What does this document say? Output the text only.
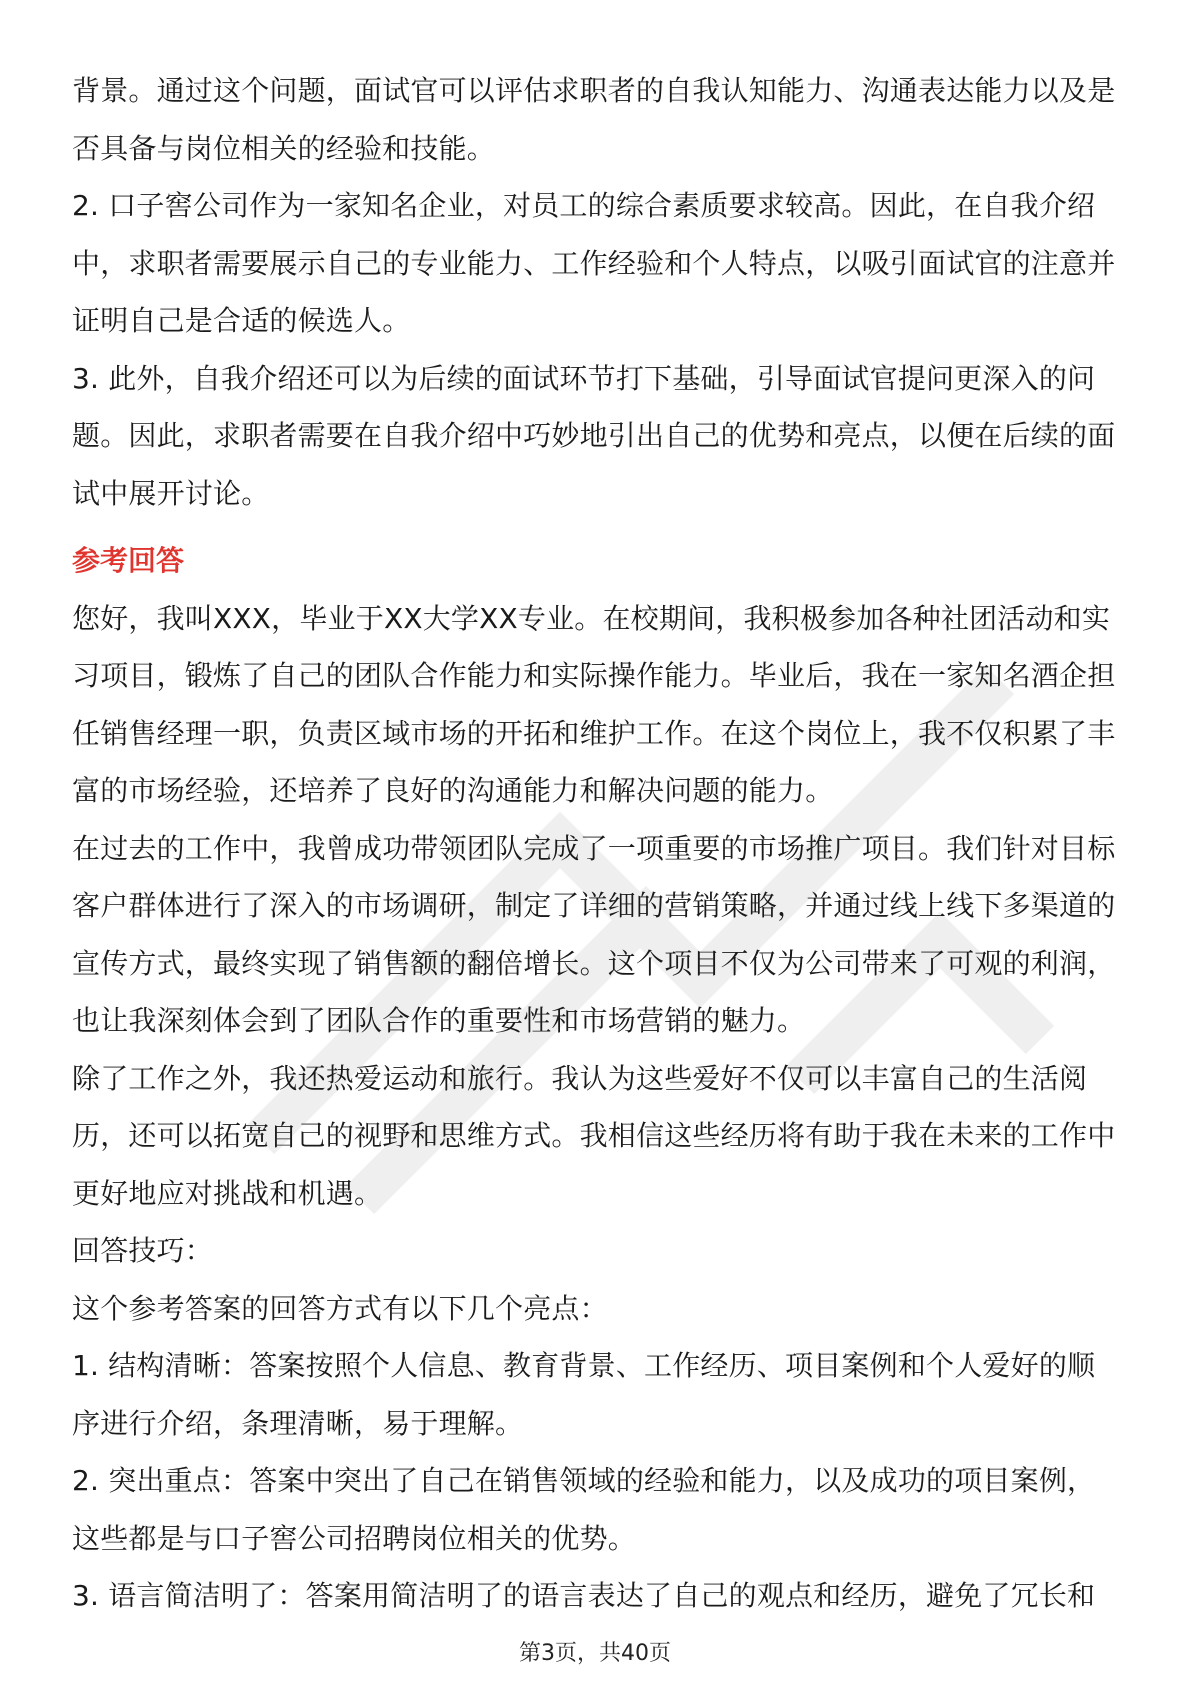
背景。通过这个问题，面试官可以评估求职者的自我认知能力、沟通表达能力以及是否具备与岗位相关的经验和技能。

2. 口子窖公司作为一家知名企业，对员工的综合素质要求较高。因此，在自我介绍中，求职者需要展示自己的专业能力、工作经验和个人特点，以吸引面试官的注意并证明自己是合适的候选人。

3. 此外，自我介绍还可以为后续的面试环节打下基础，引导面试官提问更深入的问题。因此，求职者需要在自我介绍中巧妙地引出自己的优势和亮点，以便在后续的面试中展开讨论。

参考回答

您好，我叫XXX，毕业于XX大学XX专业。在校期间，我积极参加各种社团活动和实习项目，锻炼了自己的团队合作能力和实际操作能力。毕业后，我在一家知名酒企担任销售经理一职，负责区域市场的开拓和维护工作。在这个岗位上，我不仅积累了丰富的市场经验，还培养了良好的沟通能力和解决问题的能力。

在过去的工作中，我曾成功带领团队完成了一项重要的市场推广项目。我们针对目标客户群体进行了深入的市场调研，制定了详细的营销策略，并通过线上线下多渠道的宣传方式，最终实现了销售额的翻倍增长。这个项目不仅为公司带来了可观的利润，也让我深刻体会到了团队合作的重要性和市场营销的魅力。

除了工作之外，我还热爱运动和旅行。我认为这些爱好不仅可以丰富自己的生活阅历，还可以拓宽自己的视野和思维方式。我相信这些经历将有助于我在未来的工作中更好地应对挑战和机遇。

回答技巧：

这个参考答案的回答方式有以下几个亮点：

1. 结构清晰：答案按照个人信息、教育背景、工作经历、项目案例和个人爱好的顺序进行介绍，条理清晰，易于理解。

2. 突出重点：答案中突出了自己在销售领域的经验和能力，以及成功的项目案例，这些都是与口子窖公司招聘岗位相关的优势。

3. 语言简洁明了：答案用简洁明了的语言表达了自己的观点和经历，避免了冗长和

第3页，共40页
